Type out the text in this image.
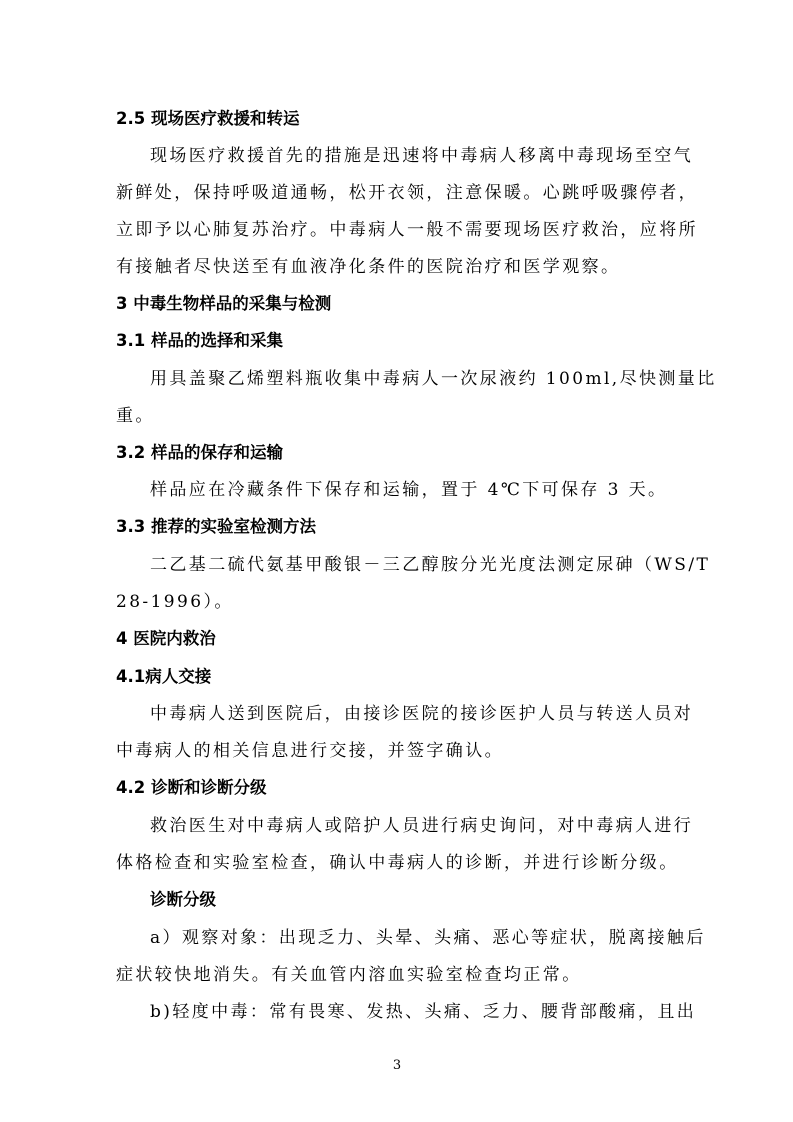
2.5 现场医疗救援和转运
现场医疗救援首先的措施是迅速将中毒病人移离中毒现场至空气
新鲜处，保持呼吸道通畅，松开衣领，注意保暖。心跳呼吸骤停者，
立即予以心肺复苏治疗。中毒病人一般不需要现场医疗救治，应将所
有接触者尽快送至有血液净化条件的医院治疗和医学观察。
3 中毒生物样品的采集与检测
3.1 样品的选择和采集
用具盖聚乙烯塑料瓶收集中毒病人一次尿液约 100ml,尽快测量比
重。
3.2 样品的保存和运输
样品应在冷藏条件下保存和运输，置于 4℃下可保存 3 天。
3.3 推荐的实验室检测方法
二乙基二硫代氨基甲酸银－三乙醇胺分光光度法测定尿砷（WS/T
28-1996）。
4 医院内救治
4.1病人交接
中毒病人送到医院后，由接诊医院的接诊医护人员与转送人员对
中毒病人的相关信息进行交接，并签字确认。
4.2 诊断和诊断分级
救治医生对中毒病人或陪护人员进行病史询问，对中毒病人进行
体格检查和实验室检查，确认中毒病人的诊断，并进行诊断分级。
诊断分级
a）观察对象：出现乏力、头晕、头痛、恶心等症状，脱离接触后
症状较快地消失。有关血管内溶血实验室检查均正常。
b)轻度中毒：常有畏寒、发热、头痛、乏力、腰背部酸痛，且出
3
